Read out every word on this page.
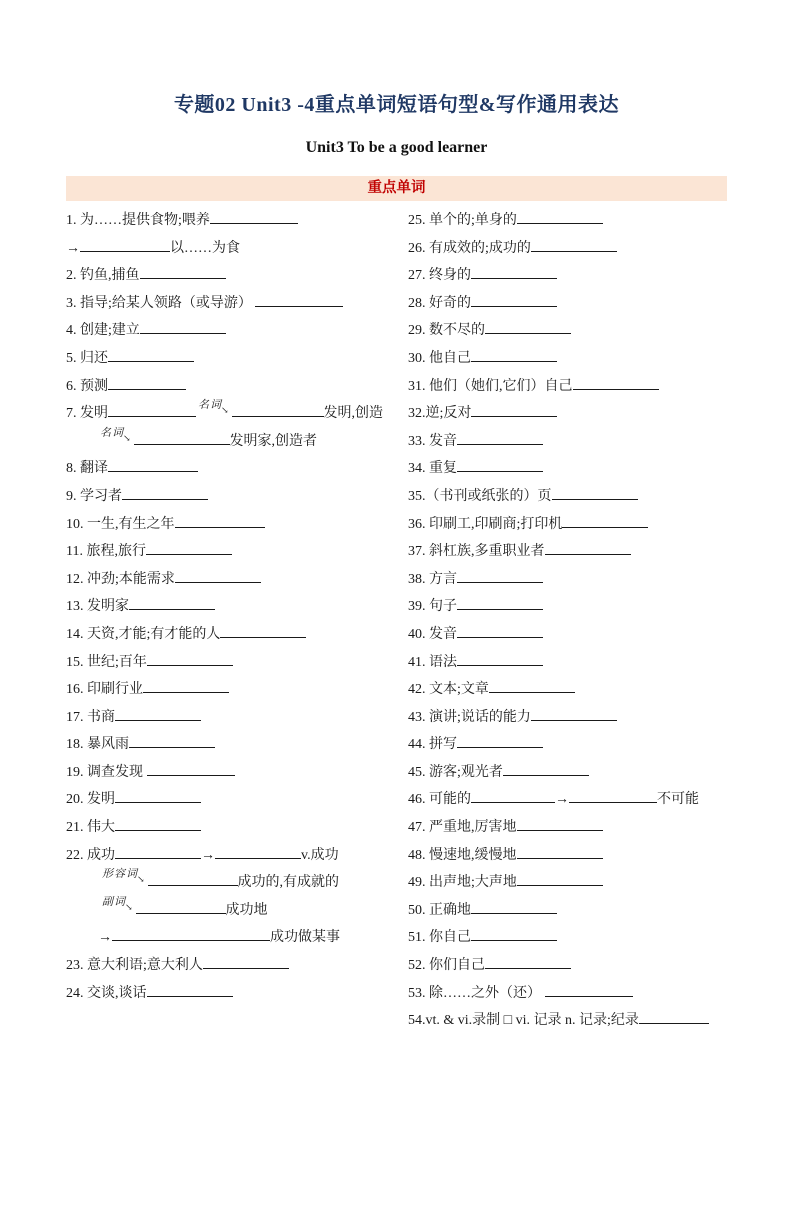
专题02 Unit3 -4重点单词短语句型&写作通用表达
Unit3 To be a good learner
重点单词
1. 为……提供食物;喂养
→	以……为食
2. 钓鱼,捕鱼
3. 指导;给某人领路（或导游）
4. 创建;建立
5. 归还
6. 预测
7. 发明名词↘	发明,创造
名词↘	发明家,创造者
8. 翻译
9. 学习者
10. 一生,有生之年
11. 旅程,旅行
12. 冲劲;本能需求
13. 发明家
14. 天资,才能;有才能的人
15. 世纪;百年
16. 印刷行业
17. 书商
18. 暴风雨
19. 调查发现
20. 发明
21. 伟大
22. 成功	→	v.成功
形容词↘	成功的,有成就的
副词↘	成功地
→	成功做某事
23. 意大利语;意大利人
24. 交谈,谈话
25. 单个的;单身的
26. 有成效的;成功的
27. 终身的
28. 好奇的
29. 数不尽的
30. 他自己
31. 他们（她们,它们）自己
32.逆;反对
33. 发音
34. 重复
35.（书刊或纸张的）页
36. 印刷工,印刷商;打印机
37. 斜杠族,多重职业者
38. 方言
39. 句子
40. 发音
41. 语法
42. 文本;文章
43. 演讲;说话的能力
44. 拼写
45. 游客;观光者
46. 可能的	→	不可能
47. 严重地,厉害地
48. 慢速地,缓慢地
49. 出声地;大声地
50. 正确地
51. 你自己
52. 你们自己
53. 除……之外（还）
54.vt. & vi.录制 □ vi. 记录 n. 记录;纪录
